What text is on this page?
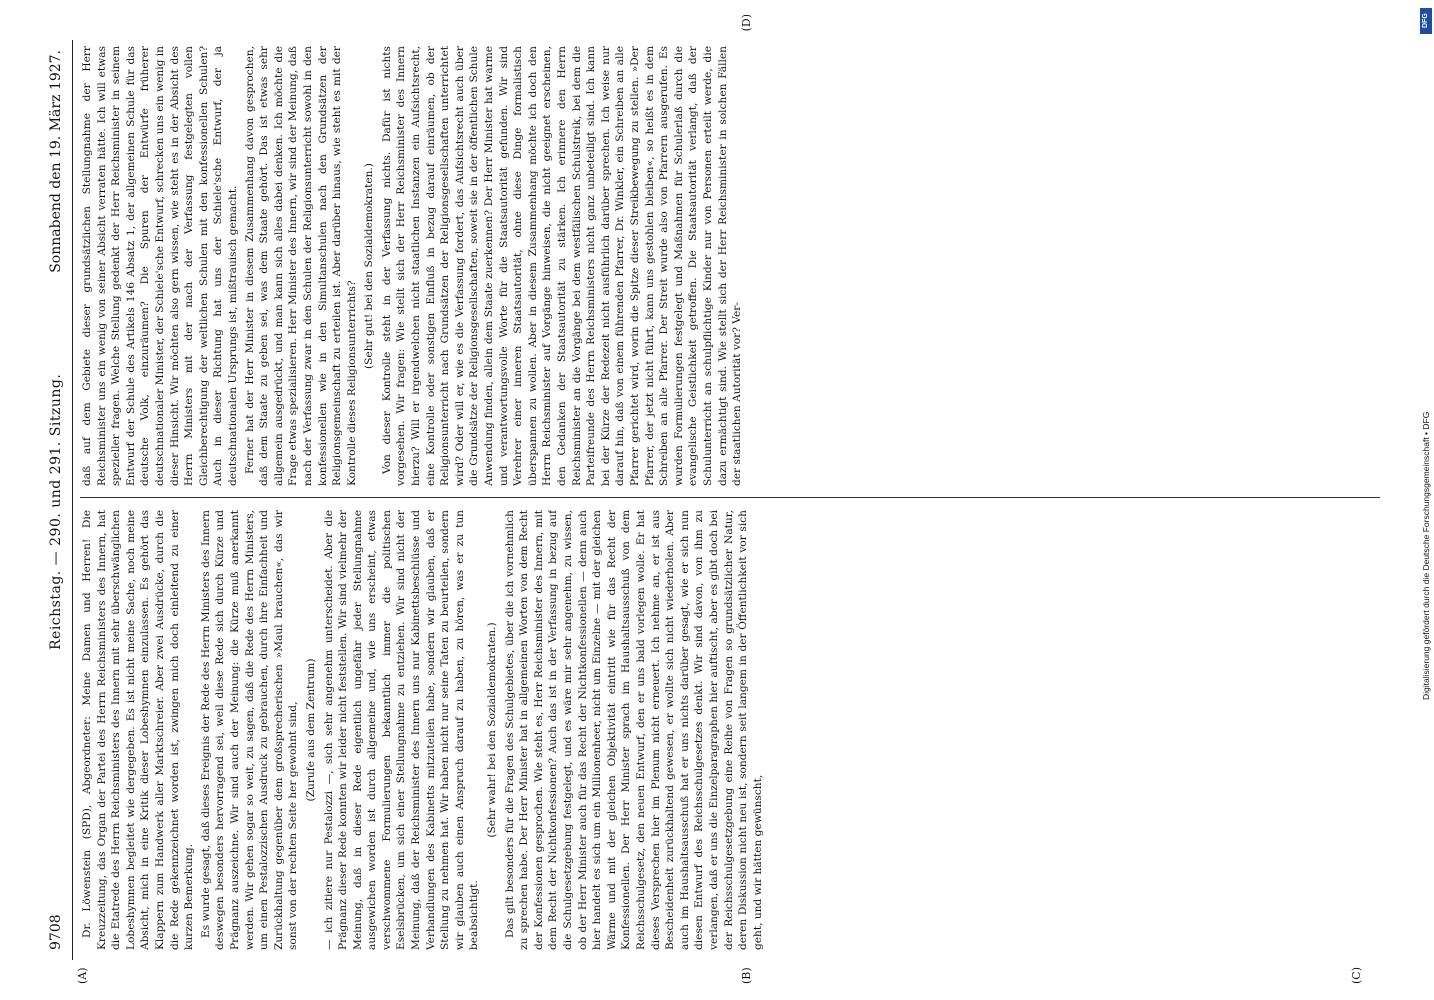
9708
Reichstag. — 290. und 291. Sitzung.
Sonnabend den 19. März 1927.
(A)	(B)	(C)

Dr. Löwenstein (SPD), Abgeordneter: Meine Damen und Herren! Die Kreuzzeitung, das Organ der Partei des Herrn Reichsministers des Innern, hat die Etatrede des Herrn Reichsministers des Innern mit sehr überschwänglichen Lobeshymnen begleitet wie dergegeben. Es ist nicht meine Sache, noch meine Absicht, mich in eine Kritik dieser Lobeshymnen einzulassen. Es gehört das Klappern zum Handwerk aller Marktschreier. Aber zwei Ausdrücke, durch die die Rede gekennzeichnet worden ist, zwingen mich doch einleitend zu einer kurzen Bemerkung. Es wurde gesagt, daß dieses Ereignis der Rede des Herrn Ministers des Innern deswegen besonders hervorragend sei, weil diese Rede sich durch Kürze und Prägnanz auszeichne. Wir sind auch der Meinung: die Kürze muß anerkannt werden. Wir gehen sogar so weit, zu sagen, daß die Rede des Herrn Ministers, um einen Pestalozzischen Ausdruck zu gebrauchen, durch ihre Einfachheit und Zurückhaltung gegenüber dem großsprecherischen »Maul brauchen«, das wir sonst von der rechten Seite her gewohnt sind, (Zurufe aus dem Zentrum) — ich zitiere nur Pestalozzi —, sich sehr angenehm unterscheidet. Aber die Prägnanz dieser Rede konnten wir leider nicht feststellen. Wir sind vielmehr der Meinung, daß in dieser Rede eigentlich ungefähr jeder Stellungnahme ausgewichen worden ist durch allgemeine und, wie uns erscheint, etwas verschwommene Formulierungen bekanntlich immer die politischen Eselsbrücken, um sich einer Stellungnahme zu entziehen. Wir sind nicht der Meinung, daß der Reichsminister des Innern uns nur Kabinettsbeschlüsse und Verhandlungen des Kabinetts mitzuteilen habe, sondern wir glauben, daß er Stellung zu nehmen hat. Wir haben nicht nur seine Taten zu beurteilen, sondern wir glauben auch einen Anspruch darauf zu haben, zu hören, was er zu tun beabsichtigt.

(Sehr wahr! bei den Sozialdemokraten.) Das gilt besonders für die Fragen des Schulgebietes, über die ich vornehmlich zu sprechen habe. Der Herr Minister hat in allgemeinen Worten von dem Recht der Konfessionen gesprochen. Wie steht es, Herr Reichsminister des Innern, mit dem Recht der Nichtkonfessionen? Auch das ist in der Verfassung in bezug auf die Schulgesetzgebung festgelegt, und es wäre mir sehr angenehm, zu wissen, ob der Herr Minister auch für das Recht der Nichtkonfessionellen — denn auch hier handelt es sich um ein Millionenheer, nicht um Einzelne — mit der gleichen Wärme und mit der gleichen Objektivität eintritt wie für das Recht der Konfessionellen. Der Herr Minister sprach im Haushaltsausschuß von dem Reichsschulgesetz, den neuen Entwurf, den er uns bald vorlegen wolle. Er hat dieses Versprechen hier im Plenum nicht erneuert. Ich nehme an, er ist aus Bescheidenheit zurückhaltend gewesen, er wollte sich nicht wiederholen. Aber auch im Haushaltsausschuß hat er uns nichts darüber gesagt, wie er sich nun diesen Entwurf des Reichsschulgesetzes denkt. Wir sind davon, von ihm zu verlangen, daß er uns die Einzelparagraphen hier auftischt, aber es gibt doch bei der Reichsschulgesetzgebung eine Reihe von Fragen so grundsätzlicher Natur, deren Diskussion nicht neu ist, sondern seit langem in der Öffentlichkeit vor sich geht, und wir hätten gewünscht,

daß auf dem Gebiete dieser grundsätzlichen Stellungnahme der Herr Reichsminister uns ein wenig von seiner Absicht verraten hätte. Ich will etwas spezieller fragen. Welche Stellung gedenkt der Herr Reichsminister in seinem Entwurf der Schule des Artikels 146 Absatz 1, der allgemeinen Schule für das deutsche Volk, einzuräumen? Die Spuren der Entwürfe früherer deutschnationaler Minister, der Schiele'sche Entwurf, schrecken uns ein wenig in dieser Hinsicht. Wir möchten also gern wissen, wie steht es in der Absicht des Herrn Ministers mit der nach der Verfassung festgelegten vollen Gleichberechtigung der weltlichen Schulen mit den konfessionellen Schulen? Auch in dieser Richtung hat uns der Schiele'sche Entwurf, der ja deutschnationalen Ursprungs ist, mißtrauisch gemacht. Ferner hat der Herr Minister in diesem Zusammenhang davon gesprochen, daß dem Staate zu geben sei, was dem Staate gehört. Das ist etwas sehr allgemein ausgedrückt, und man kann sich alles dabei denken. Ich möchte die Frage etwas spezialisieren. Herr Minister des Innern, wir sind der Meinung, daß nach der Verfassung zwar in den Schulen der Religionsunterricht sowohl in den konfessionellen wie in den Simultanschulen nach den Grundsätzen der Religionsgemeinschaft zu erteilen ist. Aber darüber hinaus, wie steht es mit der Kontrolle dieses Religionsunterrichts?

(Sehr gut! bei den Sozialdemokraten.) Von dieser Kontrolle steht in der Verfassung nichts. Dafür ist nichts vorgesehen. Wir fragen: Wie stellt sich der Herr Reichsminister des Innern hierzu? Will er irgendwelchen nicht staatlichen Instanzen ein Aufsichtsrecht, eine Kontrolle oder sonstigen Einfluß in bezug darauf einräumen, ob der Religionsunterricht nach Grundsätzen der Religionsgesellschaften unterrichtet wird? Oder will er, wie es die Verfassung fordert, das Aufsichtsrecht auch über die Grundsätze der Religionsgesellschaften, soweit sie in der öffentlichen Schule Anwendung finden, allein dem Staate zuerkennen? Der Herr Minister hat warme und verantwortungsvolle Worte für die Staatsautorität gefunden. Wir sind Verehrer einer inneren Staatsautorität, ohne diese Dinge formalistisch überspannen zu wollen. Aber in diesem Zusammenhang möchte ich doch den Herrn Reichsminister auf Vorgänge hinweisen, die nicht geeignet erscheinen, den Gedanken der Staatsautorität zu stärken. Ich erinnere den Herrn Reichsminister an die Vorgänge bei dem westfälischen Schulstreik, bei dem die Parteifreunde des Herrn Reichsministers nicht ganz unbeteiligt sind. Ich kann bei der Kürze der Redezeit nicht ausführlich darüber sprechen. Ich weise nur darauf hin, daß von einem führenden Pfarrer, Dr. Winkler, ein Schreiben an alle Pfarrer gerichtet wird, worin die Spitze dieser Streikbewegung zu stellen. »Der Pfarrer, der jetzt nicht führt, kann uns gestohlen bleiben«, so heißt es in dem Schreiben an alle Pfarrer. Der Streit wurde also von Pfarrern ausgerufen. Es wurden Formulierungen festgelegt und Maßnahmen für Schulerlaß durch die evangelische Geistlichkeit getroffen. Die Staatsautorität verlangt, daß der Schulunterricht an schulpflichtige Kinder nur von Personen erteilt werde, die dazu ermächtigt sind. Wie stellt sich der Herr Reichsminister in solchen Fällen der staatlichen Autorität vor? Ver-

(D)	DFG
Digitalisierung gefördert durch die Deutsche Forschungsgemeinschaft • DFG
